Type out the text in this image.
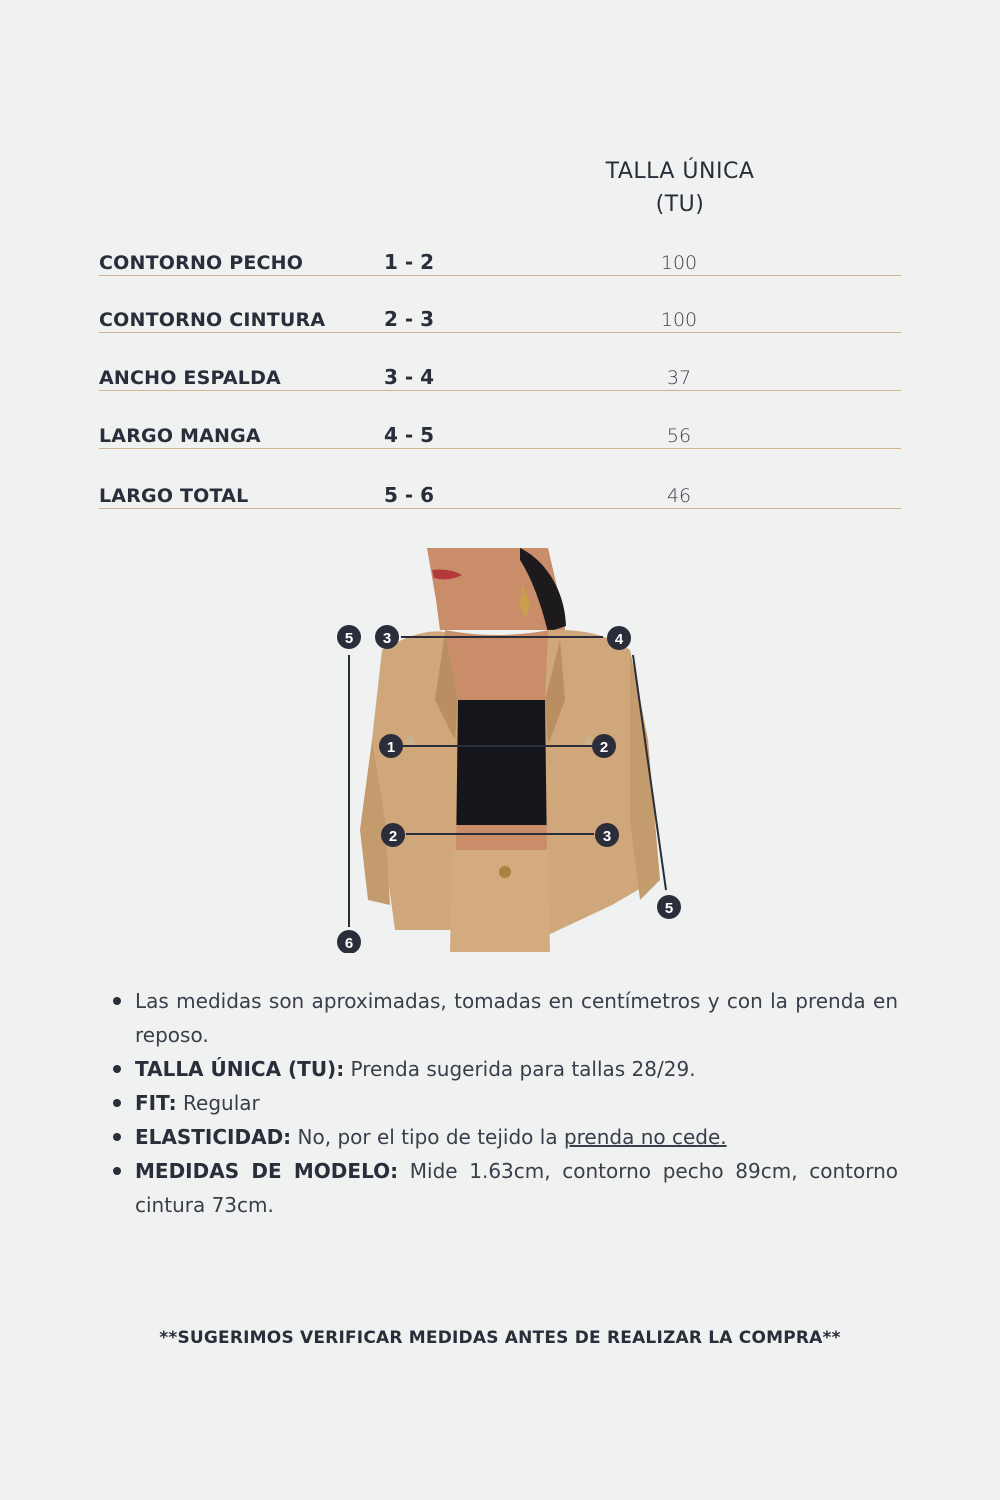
TALLA ÚNICA
(TU)
CONTORNO PECHO	1 - 2	100
CONTORNO CINTURA	2 - 3	100
ANCHO ESPALDA	3 - 4	37
LARGO MANGA	4 - 5	56
LARGO TOTAL	5 - 6	46
5 3	4
1	2
2	3
5
6
Las medidas son aproximadas, tomadas en centímetros y con la prenda en reposo.
TALLA ÚNICA (TU): Prenda sugerida para tallas 28/29.
FIT: Regular
ELASTICIDAD: No, por el tipo de tejido la prenda no cede.
MEDIDAS DE MODELO: Mide 1.63cm, contorno pecho 89cm, contorno cintura 73cm.
**SUGERIMOS VERIFICAR MEDIDAS ANTES DE REALIZAR LA COMPRA**
